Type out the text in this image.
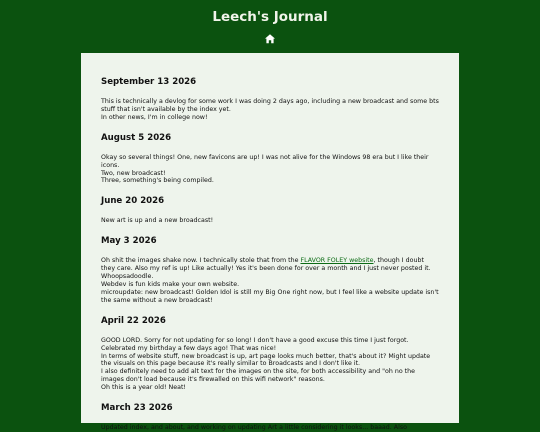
Leech's Journal
September 13 2026

This is technically a devlog for some work I was doing 2 days ago, including a new broadcast and some bts stuff that isn't available by the index yet.

In other news, I'm in college now!

August 5 2026

Okay so several things! One, new favicons are up! I was not alive for the Windows 98 era but I like their icons.

Two, new broadcast!

Three, something's being compiled.

June 20 2026

New art is up and a new broadcast!

May 3 2026

Oh shit the images shake now. I technically stole that from the FLAVOR FOLEY website, though I doubt they care. Also my ref is up! Like actually! Yes it's been done for over a month and I just never posted it. Whoopsadoodle.

Webdev is fun kids make your own website.

microupdate: new broadcast! Golden Idol is still my Big One right now, but I feel like a website update isn't the same without a new broadcast!

April 22 2026

GOOD LORD. Sorry for not updating for so long! I don't have a good excuse this time I just forgot. Celebrated my birthday a few days ago! That was nice!

In terms of website stuff, new broadcast is up, art page looks much better, that's about it? Might update the visuals on this page because it's really similar to Broadcasts and I don't like it.

I also definitely need to add alt text for the images on the site, for both accessibility and "oh no the images don't load because it's firewalled on this wifi network" reasons.

Oh this is a year old! Neat!

March 23 2026

Updated index, and about, and working on updating Art a little considering it looks... baaad. Also
